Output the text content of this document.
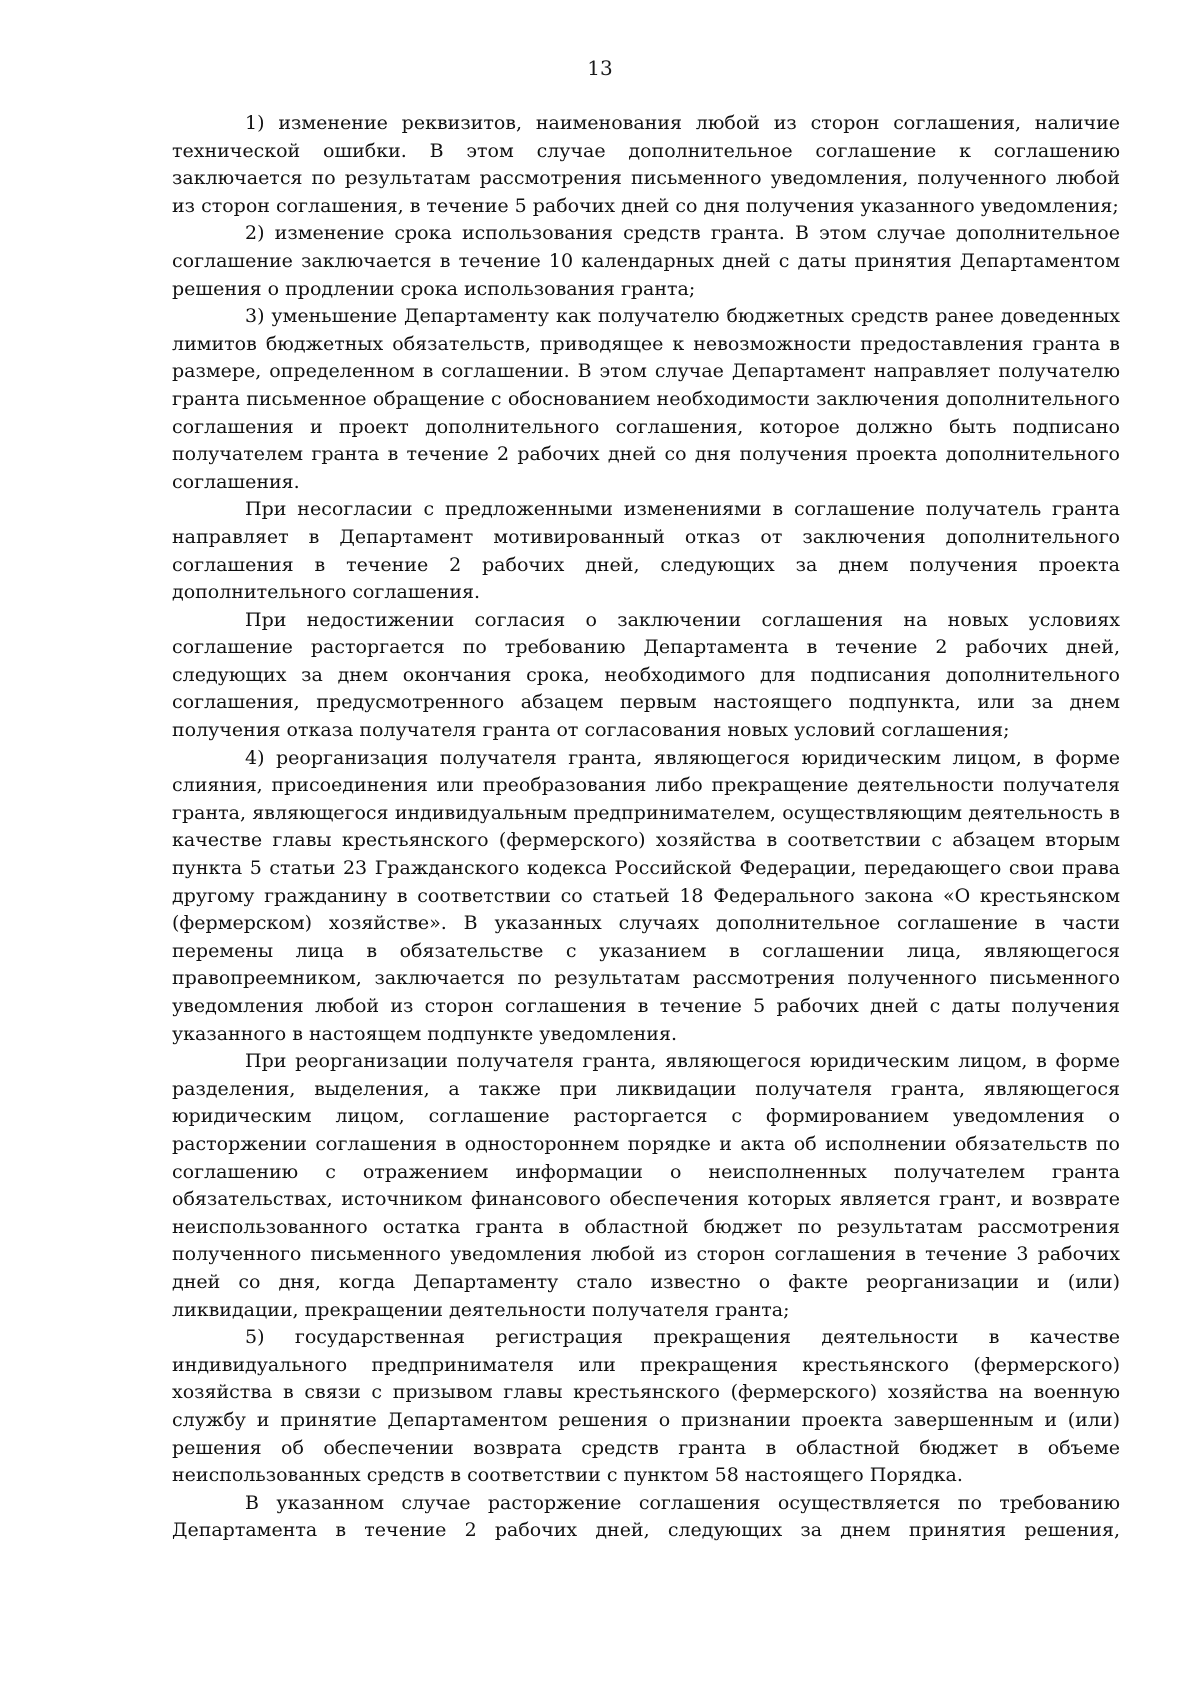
13

1) изменение реквизитов, наименования любой из сторон соглашения, наличие технической ошибки. В этом случае дополнительное соглашение к соглашению заключается по результатам рассмотрения письменного уведомления, полученного любой из сторон соглашения, в течение 5 рабочих дней со дня получения указанного уведомления;

2) изменение срока использования средств гранта. В этом случае дополнительное соглашение заключается в течение 10 календарных дней с даты принятия Департаментом решения о продлении срока использования гранта;

3) уменьшение Департаменту как получателю бюджетных средств ранее доведенных лимитов бюджетных обязательств, приводящее к невозможности предоставления гранта в размере, определенном в соглашении. В этом случае Департамент направляет получателю гранта письменное обращение с обоснованием необходимости заключения дополнительного соглашения и проект дополнительного соглашения, которое должно быть подписано получателем гранта в течение 2 рабочих дней со дня получения проекта дополнительного соглашения.

При несогласии с предложенными изменениями в соглашение получатель гранта направляет в Департамент мотивированный отказ от заключения дополнительного соглашения в течение 2 рабочих дней, следующих за днем получения проекта дополнительного соглашения.

При недостижении согласия о заключении соглашения на новых условиях соглашение расторгается по требованию Департамента в течение 2 рабочих дней, следующих за днем окончания срока, необходимого для подписания дополнительного соглашения, предусмотренного абзацем первым настоящего подпункта, или за днем получения отказа получателя гранта от согласования новых условий соглашения;

4) реорганизация получателя гранта, являющегося юридическим лицом, в форме слияния, присоединения или преобразования либо прекращение деятельности получателя гранта, являющегося индивидуальным предпринимателем, осуществляющим деятельность в качестве главы крестьянского (фермерского) хозяйства в соответствии с абзацем вторым пункта 5 статьи 23 Гражданского кодекса Российской Федерации, передающего свои права другому гражданину в соответствии со статьей 18 Федерального закона «О крестьянском (фермерском) хозяйстве». В указанных случаях дополнительное соглашение в части перемены лица в обязательстве с указанием в соглашении лица, являющегося правопреемником, заключается по результатам рассмотрения полученного письменного уведомления любой из сторон соглашения в течение 5 рабочих дней с даты получения указанного в настоящем подпункте уведомления.

При реорганизации получателя гранта, являющегося юридическим лицом, в форме разделения, выделения, а также при ликвидации получателя гранта, являющегося юридическим лицом, соглашение расторгается с формированием уведомления о расторжении соглашения в одностороннем порядке и акта об исполнении обязательств по соглашению с отражением информации о неисполненных получателем гранта обязательствах, источником финансового обеспечения которых является грант, и возврате неиспользованного остатка гранта в областной бюджет по результатам рассмотрения полученного письменного уведомления любой из сторон соглашения в течение 3 рабочих дней со дня, когда Департаменту стало известно о факте реорганизации и (или) ликвидации, прекращении деятельности получателя гранта;

5) государственная регистрация прекращения деятельности в качестве индивидуального предпринимателя или прекращения крестьянского (фермерского) хозяйства в связи с призывом главы крестьянского (фермерского) хозяйства на военную службу и принятие Департаментом решения о признании проекта завершенным и (или) решения об обеспечении возврата средств гранта в областной бюджет в объеме неиспользованных средств в соответствии с пунктом 58 настоящего Порядка.

В указанном случае расторжение соглашения осуществляется по требованию Департамента в течение 2 рабочих дней, следующих за днем принятия решения,
